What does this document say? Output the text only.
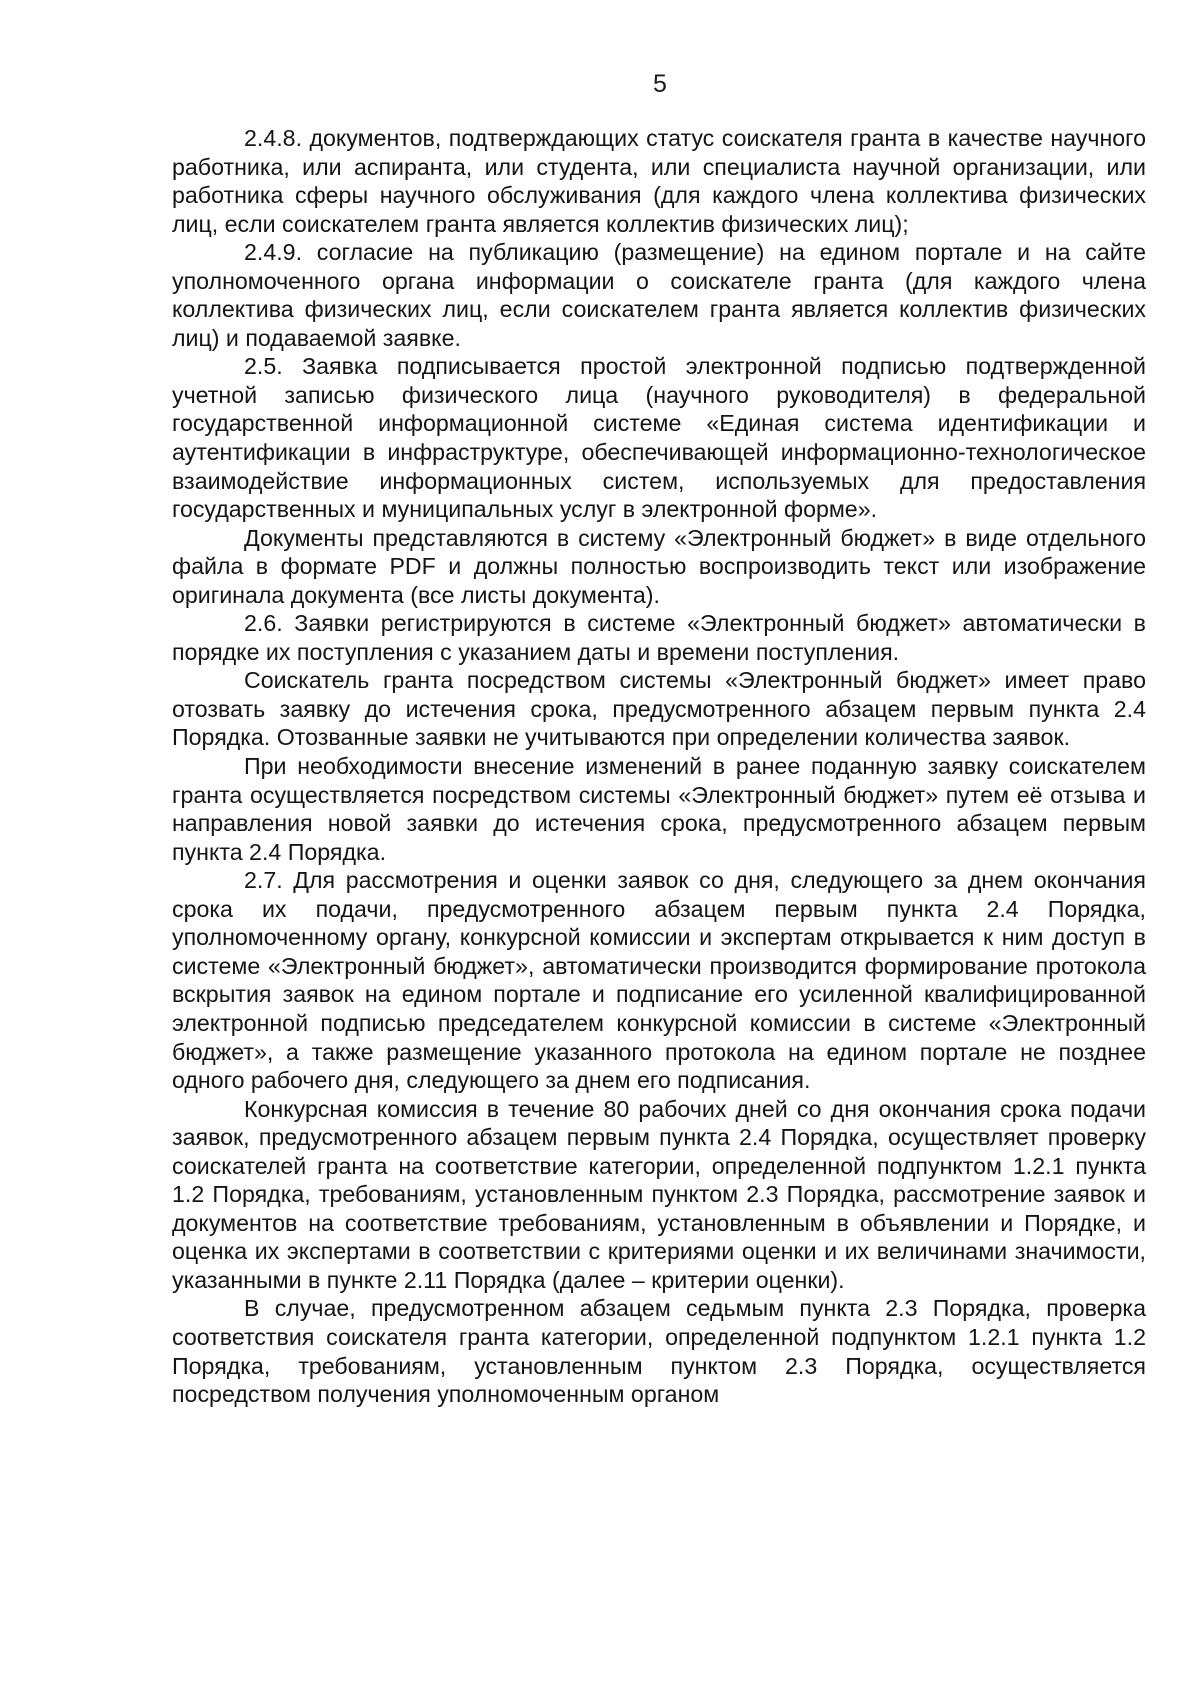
5

2.4.8. документов, подтверждающих статус соискателя гранта в качестве научного работника, или аспиранта, или студента, или специалиста научной организации, или работника сферы научного обслуживания (для каждого члена коллектива физических лиц, если соискателем гранта является коллектив физических лиц);

2.4.9. согласие на публикацию (размещение) на едином портале и на сайте уполномоченного органа информации о соискателе гранта (для каждого члена коллектива физических лиц, если соискателем гранта является коллектив физических лиц) и подаваемой заявке.

2.5. Заявка подписывается простой электронной подписью подтвержденной учетной записью физического лица (научного руководителя) в федеральной государственной информационной системе «Единая система идентификации и аутентификации в инфраструктуре, обеспечивающей информационно-технологическое взаимодействие информационных систем, используемых для предоставления государственных и муниципальных услуг в электронной форме».

Документы представляются в систему «Электронный бюджет» в виде отдельного файла в формате PDF и должны полностью воспроизводить текст или изображение оригинала документа (все листы документа).

2.6. Заявки регистрируются в системе «Электронный бюджет» автоматически в порядке их поступления с указанием даты и времени поступления.

Соискатель гранта посредством системы «Электронный бюджет» имеет право отозвать заявку до истечения срока, предусмотренного абзацем первым пункта 2.4 Порядка. Отозванные заявки не учитываются при определении количества заявок.

При необходимости внесение изменений в ранее поданную заявку соискателем гранта осуществляется посредством системы «Электронный бюджет» путем её отзыва и направления новой заявки до истечения срока, предусмотренного абзацем первым пункта 2.4 Порядка.

2.7. Для рассмотрения и оценки заявок со дня, следующего за днем окончания срока их подачи, предусмотренного абзацем первым пункта 2.4 Порядка, уполномоченному органу, конкурсной комиссии и экспертам открывается к ним доступ в системе «Электронный бюджет», автоматически производится формирование протокола вскрытия заявок на едином портале и подписание его усиленной квалифицированной электронной подписью председателем конкурсной комиссии в системе «Электронный бюджет», а также размещение указанного протокола на едином портале не позднее одного рабочего дня, следующего за днем его подписания.

Конкурсная комиссия в течение 80 рабочих дней со дня окончания срока подачи заявок, предусмотренного абзацем первым пункта 2.4 Порядка, осуществляет проверку соискателей гранта на соответствие категории, определенной подпунктом 1.2.1 пункта 1.2 Порядка, требованиям, установленным пунктом 2.3 Порядка, рассмотрение заявок и документов на соответствие требованиям, установленным в объявлении и Порядке, и оценка их экспертами в соответствии с критериями оценки и их величинами значимости, указанными в пункте 2.11 Порядка (далее – критерии оценки).

В случае, предусмотренном абзацем седьмым пункта 2.3 Порядка, проверка соответствия соискателя гранта категории, определенной подпунктом 1.2.1 пункта 1.2 Порядка, требованиям, установленным пунктом 2.3 Порядка, осуществляется посредством получения уполномоченным органом
